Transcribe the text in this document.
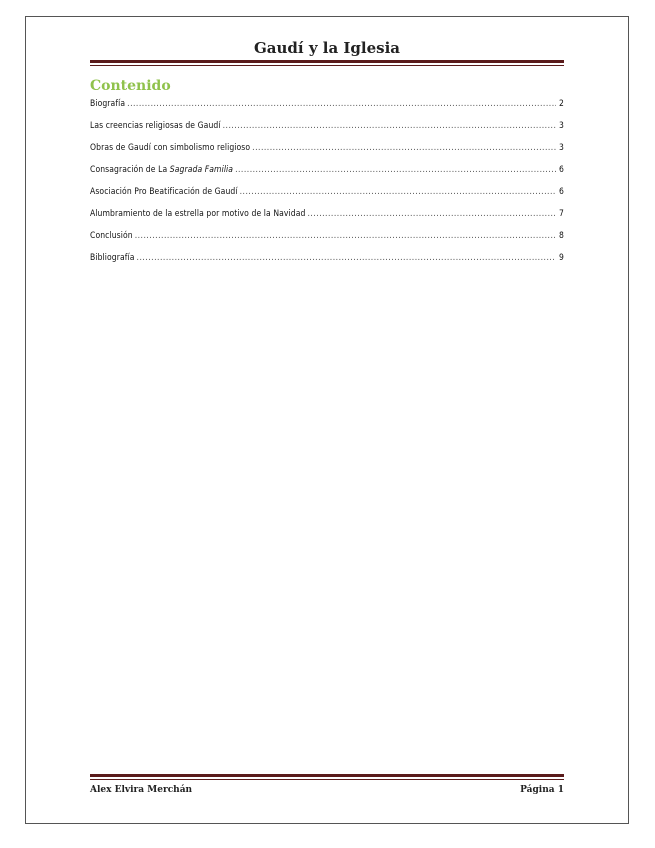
Gaudí y la Iglesia
Contenido
Biografía .....	2
Las creencias religiosas de Gaudí .....	3
Obras de Gaudí con simbolismo religioso .....	3
Consagración de La Sagrada Familia .....	6
Asociación Pro Beatificación de Gaudí .....	6
Alumbramiento de la estrella por motivo de la Navidad .....	7
Conclusión .....	8
Bibliografía .....	9
Alex Elvira Merchán	Página 1
